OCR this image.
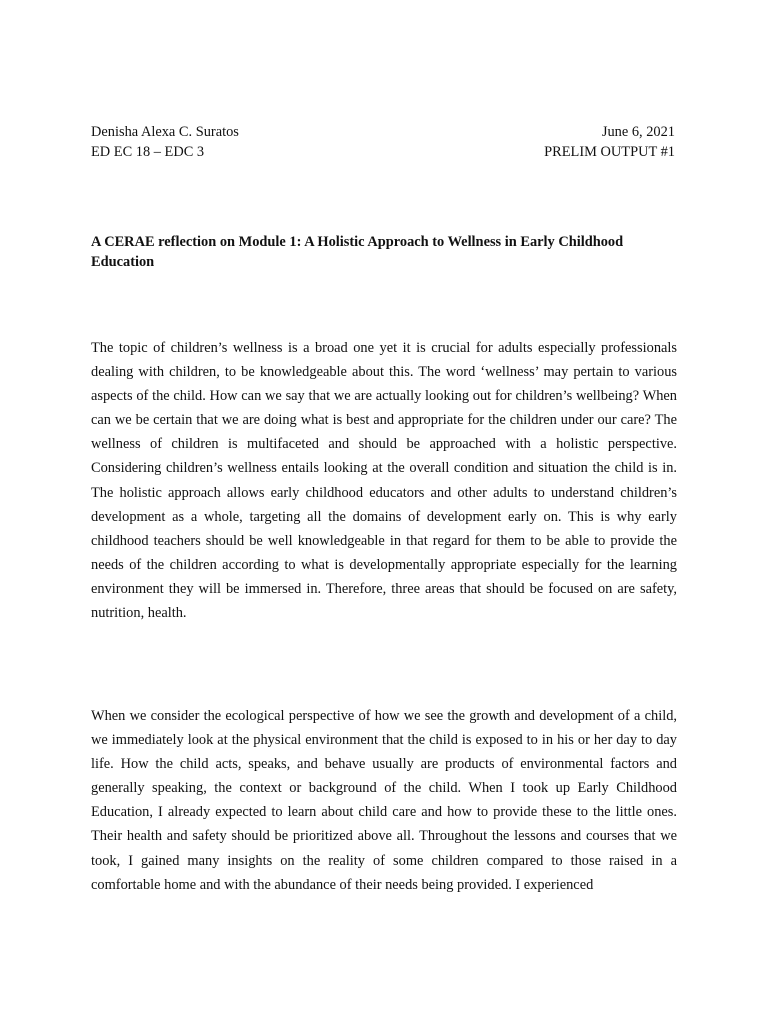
Denisha Alexa C. Suratos	June 6, 2021
ED EC 18 – EDC 3	PRELIM OUTPUT #1
A CERAE reflection on Module 1: A Holistic Approach to Wellness in Early Childhood Education

The topic of children’s wellness is a broad one yet it is crucial for adults especially professionals dealing with children, to be knowledgeable about this. The word ‘wellness’ may pertain to various aspects of the child. How can we say that we are actually looking out for children’s wellbeing? When can we be certain that we are doing what is best and appropriate for the children under our care? The wellness of children is multifaceted and should be approached with a holistic perspective. Considering children’s wellness entails looking at the overall condition and situation the child is in. The holistic approach allows early childhood educators and other adults to understand children’s development as a whole, targeting all the domains of development early on. This is why early childhood teachers should be well knowledgeable in that regard for them to be able to provide the needs of the children according to what is developmentally appropriate especially for the learning environment they will be immersed in. Therefore, three areas that should be focused on are safety, nutrition, health.

When we consider the ecological perspective of how we see the growth and development of a child, we immediately look at the physical environment that the child is exposed to in his or her day to day life. How the child acts, speaks, and behave usually are products of environmental factors and generally speaking, the context or background of the child. When I took up Early Childhood Education, I already expected to learn about child care and how to provide these to the little ones. Their health and safety should be prioritized above all. Throughout the lessons and courses that we took, I gained many insights on the reality of some children compared to those raised in a comfortable home and with the abundance of their needs being provided. I experienced
